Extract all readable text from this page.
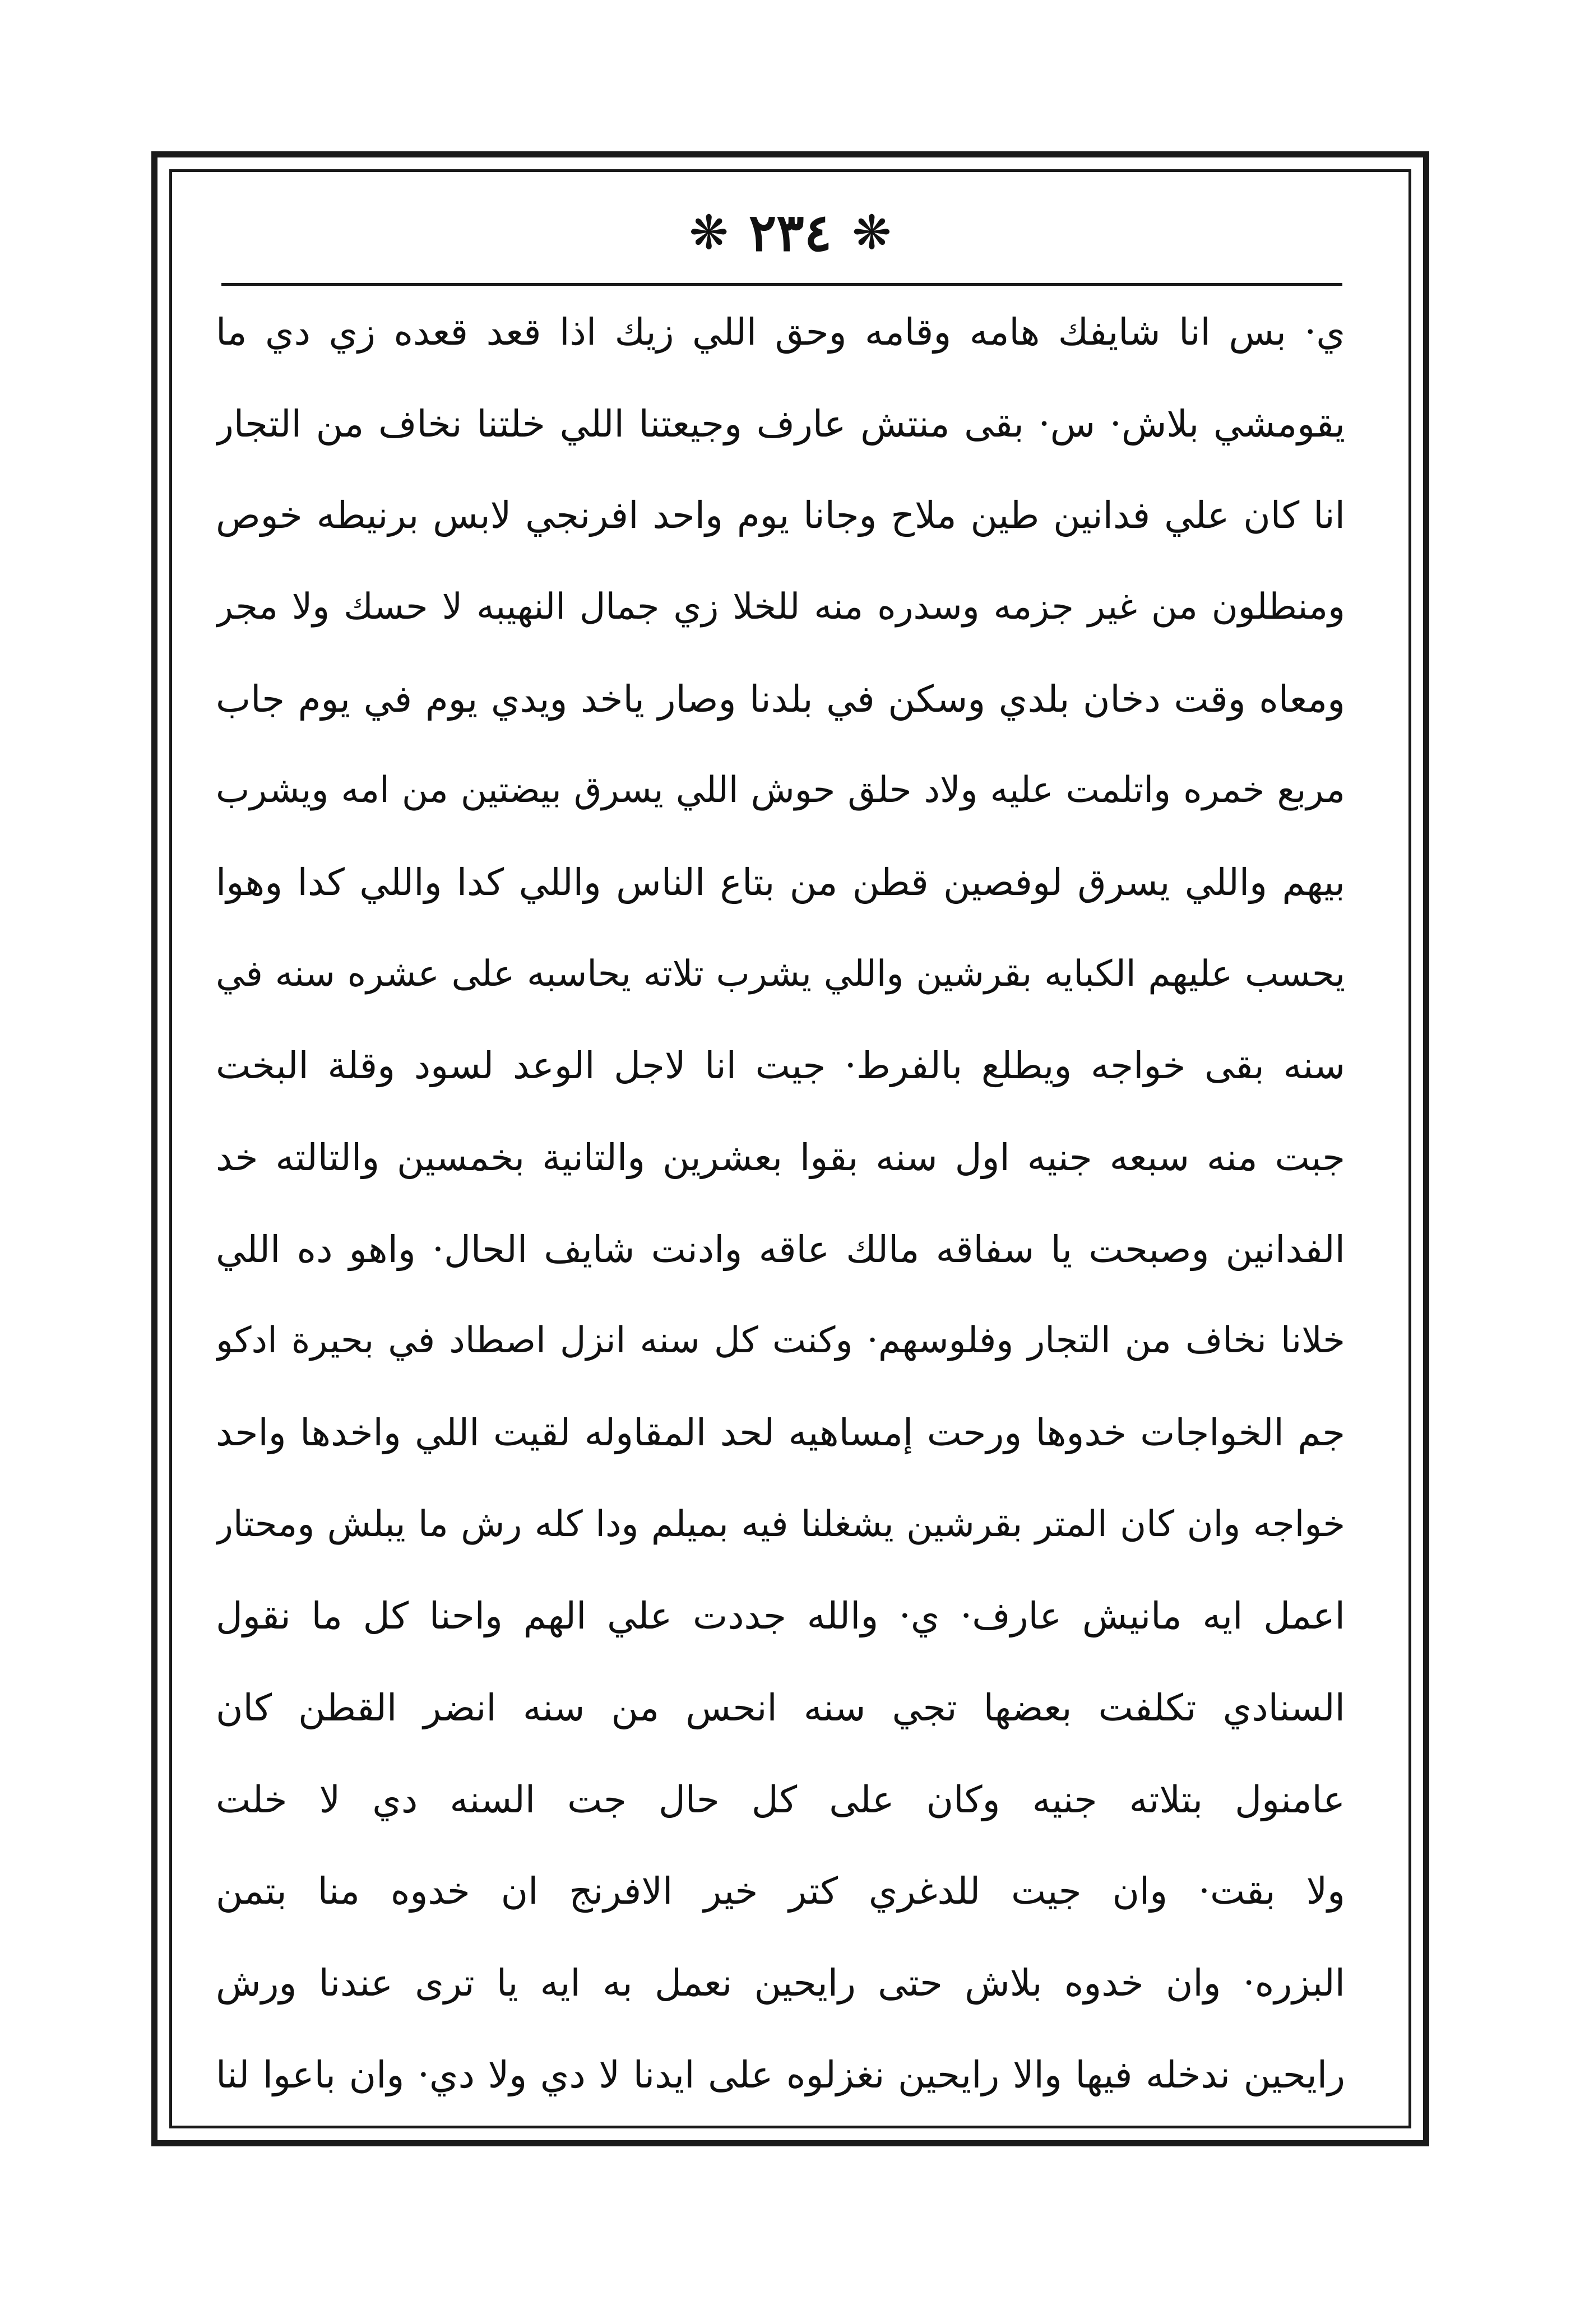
❋ ٢٣٤ ❋
ي· بس انا شايفك هامه وقامه وحق اللي زيك اذا قعد قعده زي دي ما
يقومشي بلاش· س· بقى منتش عارف وجيعتنا اللي خلتنا نخاف من التجار
انا كان علي فدانين طين ملاح وجانا يوم واحد افرنجي لابس برنيطه خوص
ومنطلون من غير جزمه وسدره منه للخلا زي جمال النهيبه لا حسك ولا مجر
ومعاه وقت دخان بلدي وسكن في بلدنا وصار ياخد ويدي يوم في يوم جاب
مربع خمره واتلمت عليه ولاد حلق حوش اللي يسرق بيضتين من امه ويشرب
بيهم واللي يسرق لوفصين قطن من بتاع الناس واللي كدا واللي كدا وهوا
يحسب عليهم الكبايه بقرشين واللي يشرب تلاته يحاسبه على عشره سنه في
سنه بقى خواجه ويطلع بالفرط· جيت انا لاجل الوعد لسود وقلة البخت
جبت منه سبعه جنيه اول سنه بقوا بعشرين والتانية بخمسين والتالته خد
الفدانين وصبحت يا سفاقه مالك عاقه وادنت شايف الحال· واهو ده اللي
خلانا نخاف من التجار وفلوسهم· وكنت كل سنه انزل اصطاد في بحيرة ادكو
جم الخواجات خدوها ورحت إمساهيه لحد المقاوله لقيت اللي واخدها واحد
خواجه وان كان المتر بقرشين يشغلنا فيه بميلم ودا كله رش ما يبلش ومحتار
اعمل ايه مانيش عارف· ي· والله جددت علي الهم واحنا كل ما نقول
السنادي تكلفت بعضها تجي سنه انحس من سنه انضر القطن كان
عامنول بتلاته جنيه وكان على كل حال جت السنه دي لا خلت
ولا بقت· وان جيت للدغري كتر خير الافرنج ان خدوه منا بتمن
البزره· وان خدوه بلاش حتى رايحين نعمل به ايه يا ترى عندنا ورش
رايحين ندخله فيها والا رايحين نغزلوه على ايدنا لا دي ولا دي· وان باعوا لنا
